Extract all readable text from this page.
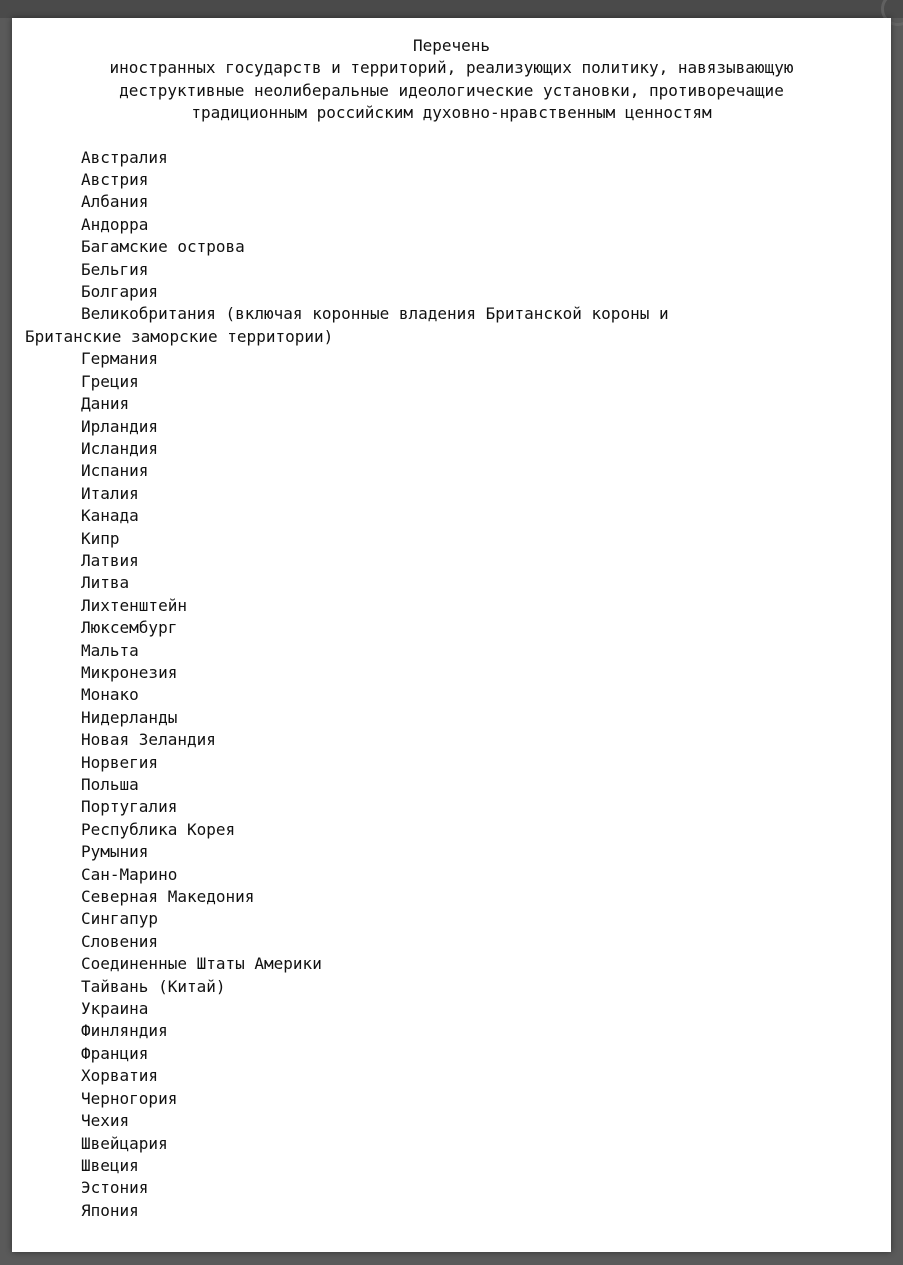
Перечень
иностранных государств и территорий, реализующих политику, навязывающую
деструктивные неолиберальные идеологические установки, противоречащие
традиционным российским духовно-нравственным ценностям
Австралия
Австрия
Албания
Андорра
Багамские острова
Бельгия
Болгария
Великобритания (включая коронные владения Британской короны и
Британские заморские территории)
Германия
Греция
Дания
Ирландия
Исландия
Испания
Италия
Канада
Кипр
Латвия
Литва
Лихтенштейн
Люксембург
Мальта
Микронезия
Монако
Нидерланды
Новая Зеландия
Норвегия
Польша
Португалия
Республика Корея
Румыния
Сан-Марино
Северная Македония
Сингапур
Словения
Соединенные Штаты Америки
Тайвань (Китай)
Украина
Финляндия
Франция
Хорватия
Черногория
Чехия
Швейцария
Швеция
Эстония
Япония
